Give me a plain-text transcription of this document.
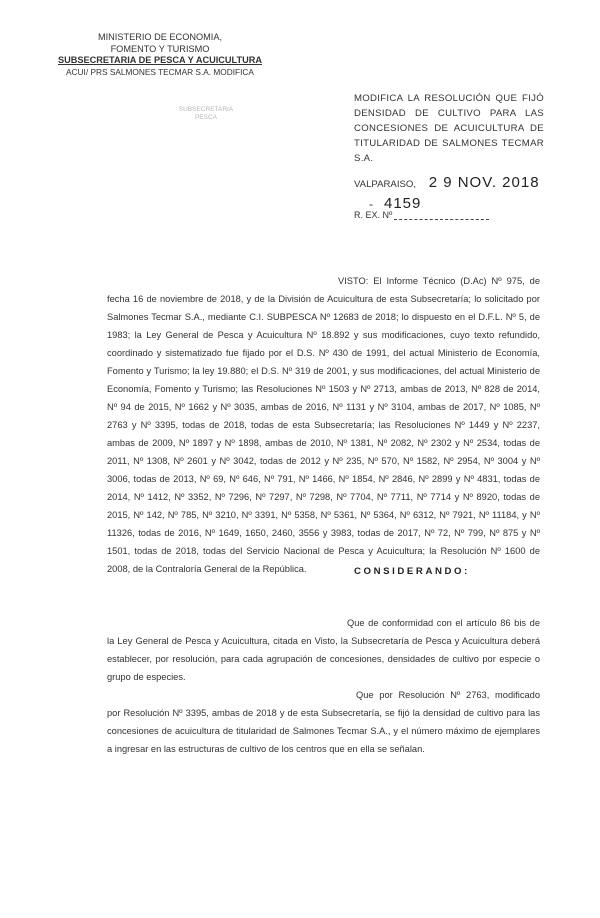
MINISTERIO DE ECONOMIA,
FOMENTO Y TURISMO
SUBSECRETARIA DE PESCA Y ACUICULTURA
ACUI/ PRS SALMONES TECMAR S.A. MODIFICA
SUBSECRETARIA
PESCA
MODIFICA LA RESOLUCIÓN QUE FIJÓ DENSIDAD DE CULTIVO PARA LAS CONCESIONES DE ACUICULTURA DE TITULARIDAD DE SALMONES TECMAR S.A.
VALPARAISO, 2 9 NOV. 2018
- 4159
R. EX. Nº
VISTO: El Informe Técnico (D.Ac) Nº 975, de fecha 16 de noviembre de 2018, y de la División de Acuicultura de esta Subsecretaría; lo solicitado por Salmones Tecmar S.A., mediante C.I. SUBPESCA Nº 12683 de 2018; lo dispuesto en el D.F.L. Nº 5, de 1983; la Ley General de Pesca y Acuicultura Nº 18.892 y sus modificaciones, cuyo texto refundido, coordinado y sistematizado fue fijado por el D.S. Nº 430 de 1991, del actual Ministerio de Economía, Fomento y Turismo; la ley 19.880; el D.S. Nº 319 de 2001, y sus modificaciones, del actual Ministerio de Economía, Fomento y Turismo; las Resoluciones Nº 1503 y Nº 2713, ambas de 2013, Nº 828 de 2014, Nº 94 de 2015, Nº 1662 y Nº 3035, ambas de 2016, Nº 1131 y Nº 3104, ambas de 2017, Nº 1085, Nº 2763 y Nº 3395, todas de 2018, todas de esta Subsecretaría; las Resoluciones Nº 1449 y Nº 2237, ambas de 2009, Nº 1897 y Nº 1898, ambas de 2010, Nº 1381, Nº 2082, Nº 2302 y Nº 2534, todas de 2011, Nº 1308, Nº 2601 y Nº 3042, todas de 2012 y Nº 235, Nº 570, Nº 1582, Nº 2954, Nº 3004 y Nº 3006, todas de 2013, Nº 69, Nº 646, Nº 791, Nº 1466, Nº 1854, Nº 2846, Nº 2899 y Nº 4831, todas de 2014, Nº 1412, Nº 3352, Nº 7296, Nº 7297, Nº 7298, Nº 7704, Nº 7711, Nº 7714 y Nº 8920, todas de 2015, Nº 142, Nº 785, Nº 3210, Nº 3391, Nº 5358, Nº 5361, Nº 5364, Nº 6312, Nº 7921, Nº 11184, y Nº 11326, todas de 2016, Nº 1649, 1650, 2460, 3556 y 3983, todas de 2017, Nº 72, Nº 799, Nº 875 y Nº 1501, todas de 2018, todas del Servicio Nacional de Pesca y Acuicultura; la Resolución Nº 1600 de 2008, de la Contraloría General de la República.	CONSIDERANDO:
Que de conformidad con el artículo 86 bis de la Ley General de Pesca y Acuicultura, citada en Visto, la Subsecretaría de Pesca y Acuicultura deberá establecer, por resolución, para cada agrupación de concesiones, densidades de cultivo por especie o grupo de especies.
Que por Resolución Nº 2763, modificado por Resolución Nº 3395, ambas de 2018 y de esta Subsecretaría, se fijó la densidad de cultivo para las concesiones de acuicultura de titularidad de Salmones Tecmar S.A., y el número máximo de ejemplares a ingresar en las estructuras de cultivo de los centros que en ella se señalan.
